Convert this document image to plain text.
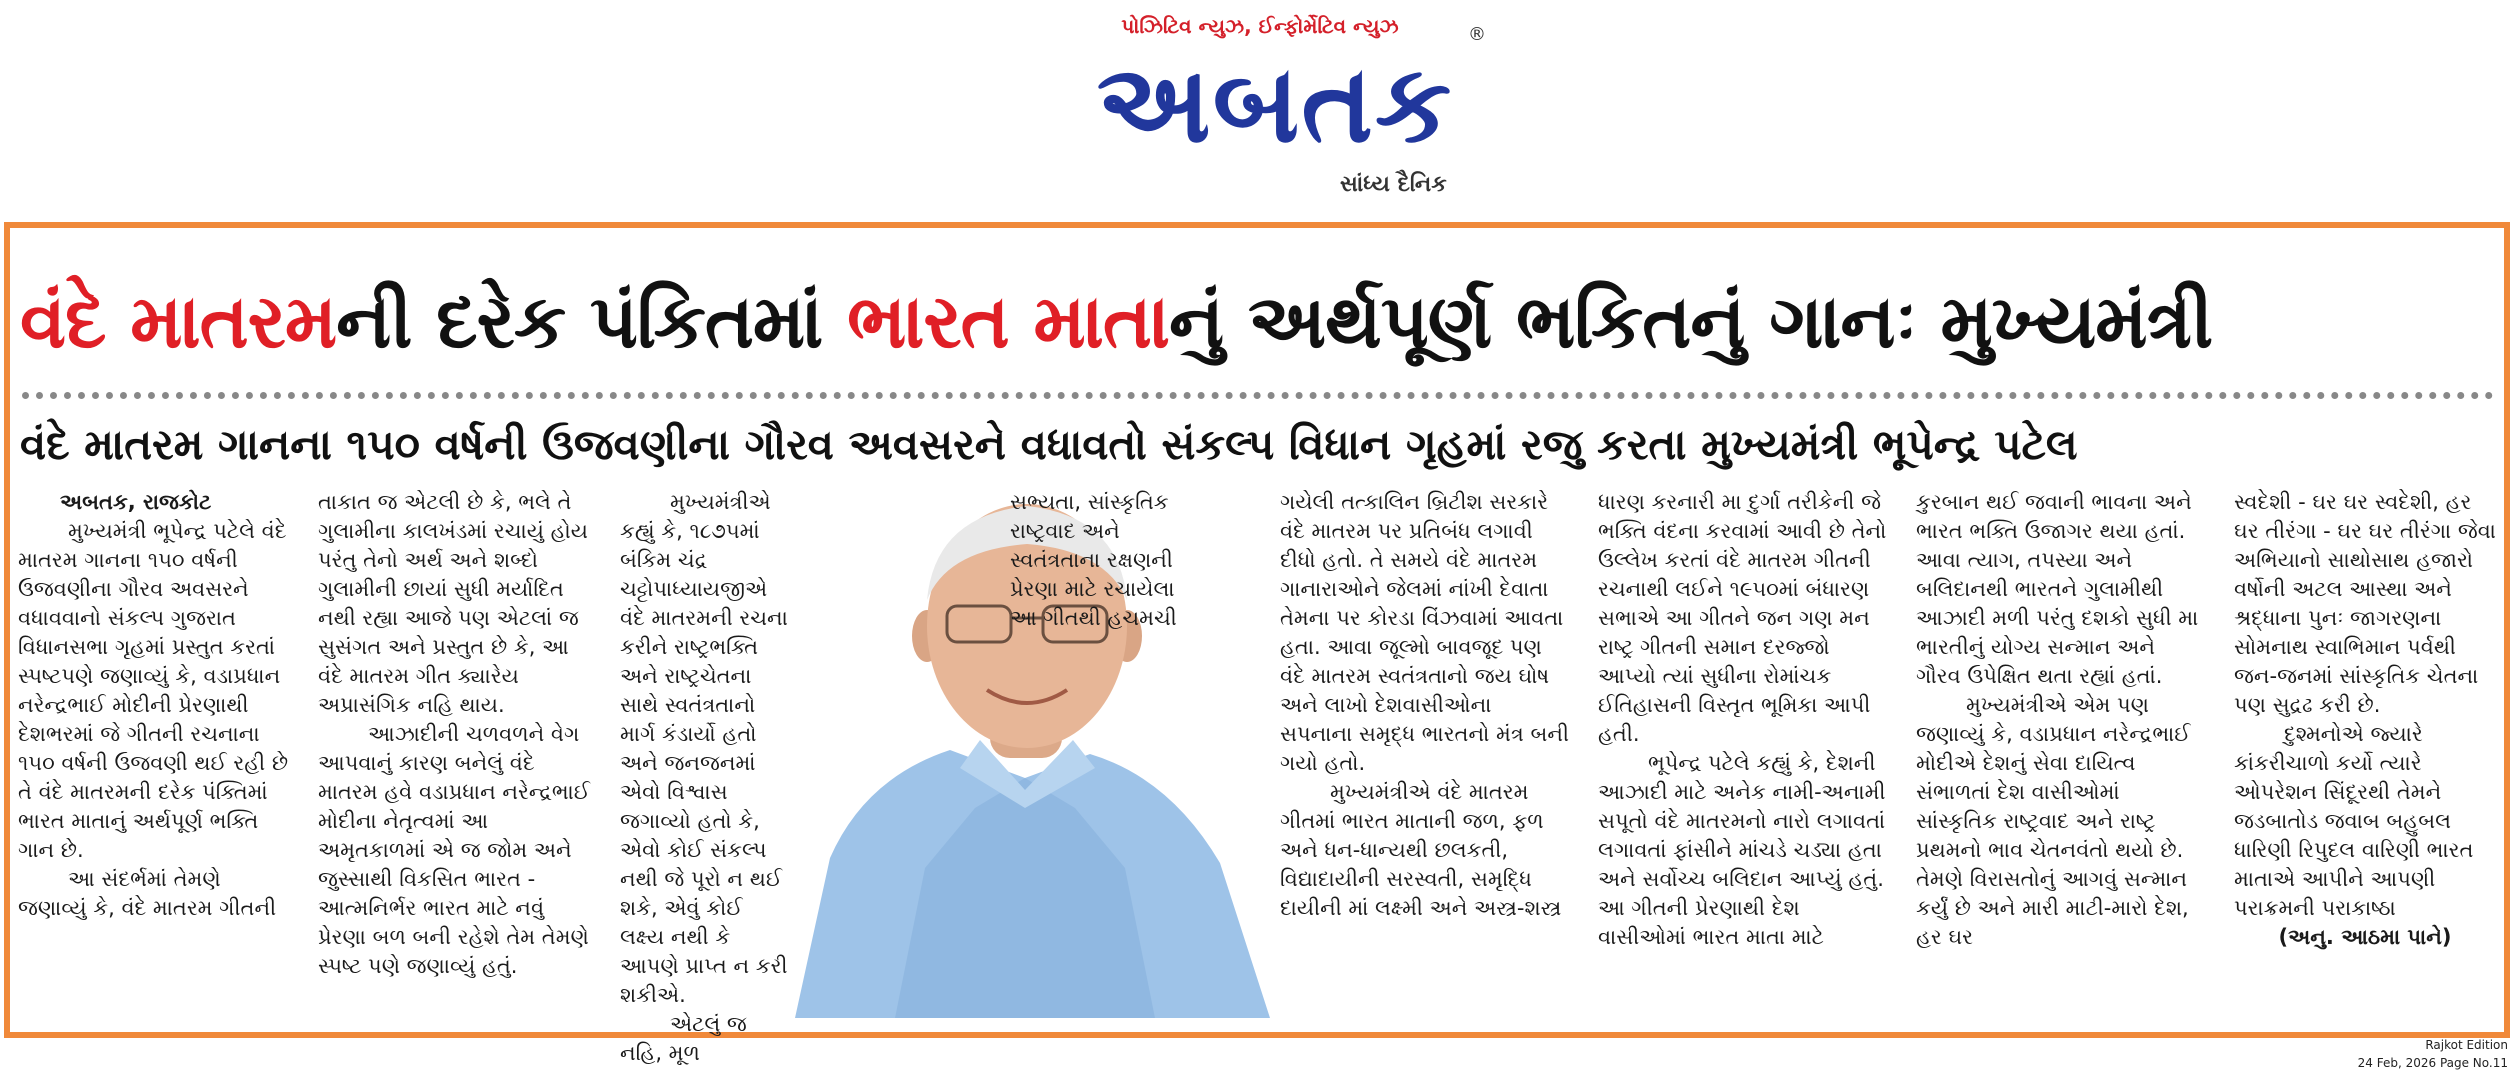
પોઝિટિવ ન્યુઝ, ઈન્ફોર્મેટિવ ન્યુઝ
અબતક
®
સાંધ્ય દૈનિક
વંદે માતરમની દરેક પંકિતમાં ભારત માતાનું અર્થપૂર્ણ ભકિતનું ગાનઃ મુખ્યમંત્રી
વંદે માતરમ ગાનના ૧૫૦ વર્ષની ઉજવણીના ગૌરવ અવસરને વધાવતો સંકલ્પ વિધાન ગૃહમાં રજુ કરતા મુખ્યમંત્રી ભૂપેન્દ્ર પટેલ

અબતક, રાજકોટ

મુખ્યમંત્રી ભૂપેન્દ્ર પટેલે વંદે માતરમ ગાનના ૧૫૦ વર્ષની ઉજવણીના ગૌરવ અવસરને વધાવવાનો સંકલ્પ ગુજરાત વિધાનસભા ગૃહમાં પ્રસ્તુત કરતાં સ્પષ્ટપણે જણાવ્યું કે, વડાપ્રધાન નરેન્દ્રભાઈ મોદીની પ્રેરણાથી દેશભરમાં જે ગીતની રચનાના ૧૫૦ વર્ષની ઉજવણી થઈ રહી છે તે વંદે માતરમની દરેક પંક્તિમાં ભારત માતાનું અર્થપૂર્ણ ભક્તિ ગાન છે.

આ સંદર્ભમાં તેમણે જણાવ્યું કે, વંદે માતરમ ગીતની

તાકાત જ એટલી છે કે, ભલે તે ગુલામીના કાલખંડમાં રચાયું હોય પરંતુ તેનો અર્થ અને શબ્દો ગુલામીની છાયાં સુધી મર્યાદિત નથી રહ્યા આજે પણ એટલાં જ સુસંગત અને પ્રસ્તુત છે કે, આ વંદે માતરમ ગીત ક્યારેય અપ્રાસંગિક નહિ થાય.

આઝાદીની ચળવળને વેગ આપવાનું કારણ બનેલું વંદે માતરમ હવે વડાપ્રધાન નરેન્દ્રભાઈ મોદીના નેતૃત્વમાં આ અમૃતકાળમાં એ જ જોમ અને જુસ્સાથી વિકસિત ભારત - આત્મનિર્ભર ભારત માટે નવું પ્રેરણા બળ બની રહેશે તેમ તેમણે સ્પષ્ટ પણે જણાવ્યું હતું.

મુખ્યમંત્રીએ કહ્યું કે, ૧૮૭૫માં બંકિમ ચંદ્ર ચટ્ટોપાધ્યાયજીએ વંદે માતરમની રચના કરીને રાષ્ટ્રભક્તિ અને રાષ્ટ્રચેતના સાથે સ્વતંત્રતાનો માર્ગ કંડાર્યો હતો અને જનજનમાં એવો વિશ્વાસ જગાવ્યો હતો કે, એવો કોઈ સંકલ્પ નથી જે પૂરો ન થઈ શકે, એવું કોઈ લક્ષ્ય નથી કે આપણે પ્રાપ્ત ન કરી શકીએ.

એટલું જ નહિ, મૂળ

સભ્યતા, સાંસ્કૃતિક રાષ્ટ્રવાદ અને સ્વતંત્રતાના રક્ષણની પ્રેરણા માટે રચાયેલા આ ગીતથી હચમચી

ગયેલી તત્કાલિન બ્રિટીશ સરકારે વંદે માતરમ પર પ્રતિબંધ લગાવી દીધો હતો. તે સમયે વંદે માતરમ ગાનારાઓને જેલમાં નાંખી દેવાતા તેમના પર કોરડા વિંઝવામાં આવતા હતા. આવા જૂલ્મો બાવજૂદ પણ વંદે માતરમ સ્વતંત્રતાનો જય ઘોષ અને લાખો દેશવાસીઓના સપનાના સમૃદ્ધ ભારતનો મંત્ર બની ગયો હતો.

મુખ્યમંત્રીએ વંદે માતરમ ગીતમાં ભારત માતાની જળ, ફળ અને ધન-ધાન્યથી છલકતી, વિદ્યાદાયીની સરસ્વતી, સમૃદ્ધિ દાયીની માં લક્ષ્મી અને અસ્ત્ર-શસ્ત્ર

ધારણ કરનારી મા દુર્ગા તરીકેની જે ભક્તિ વંદના કરવામાં આવી છે તેનો ઉલ્લેખ કરતાં વંદે માતરમ ગીતની રચનાથી લઈને ૧૯૫૦માં બંધારણ સભાએ આ ગીતને જન ગણ મન રાષ્ટ્ર ગીતની સમાન દરજ્જો આપ્યો ત્યાં સુધીના રોમાંચક ઈતિહાસની વિસ્તૃત ભૂમિકા આપી હતી.

ભૂપેન્દ્ર પટેલે કહ્યું કે, દેશની આઝાદી માટે અનેક નામી-અનામી સપૂતો વંદે માતરમનો નારો લગાવતાં લગાવતાં ફાંસીને માંચડે ચડ્યા હતા અને સર્વોચ્ચ બલિદાન આપ્યું હતું. આ ગીતની પ્રેરણાથી દેશ વાસીઓમાં ભારત માતા માટે

કુરબાન થઈ જવાની ભાવના અને ભારત ભક્તિ ઉજાગર થયા હતાં. આવા ત્યાગ, તપસ્યા અને બલિદાનથી ભારતને ગુલામીથી આઝાદી મળી પરંતુ દશકો સુધી મા ભારતીનું યોગ્ય સન્માન અને ગૌરવ ઉપેક્ષિત થતા રહ્યાં હતાં.

મુખ્યમંત્રીએ એમ પણ જણાવ્યું કે, વડાપ્રધાન નરેન્દ્રભાઈ મોદીએ દેશનું સેવા દાયિત્વ સંભાળતાં દેશ વાસીઓમાં સાંસ્કૃતિક રાષ્ટ્રવાદ અને રાષ્ટ્ર પ્રથમનો ભાવ ચેતનવંતો થયો છે. તેમણે વિરાસતોનું આગવું સન્માન કર્યું છે અને મારી માટી-મારો દેશ, હર ઘર

સ્વદેશી - ઘર ઘર સ્વદેશી, હર ઘર તીરંગા - ઘર ઘર તીરંગા જેવા અભિયાનો સાથોસાથ હજારો વર્ષોની અટલ આસ્થા અને શ્રદ્ધાના પુનઃ જાગરણના સોમનાથ સ્વાભિમાન પર્વથી જન-જનમાં સાંસ્કૃતિક ચેતના પણ સુદ્રઢ કરી છે.

દુશ્મનોએ જ્યારે કાંકરીચાળો કર્યો ત્યારે ઓપરેશન સિંદૂરથી તેમને જડબાતોડ જવાબ બહુબલ ધારિણી રિપુદલ વારિણી ભારત માતાએ આપીને આપણી પરાક્રમની પરાકાષ્ઠા

(અનુ. આઠમા પાને)
Rajkot Edition
24 Feb, 2026 Page No.11
